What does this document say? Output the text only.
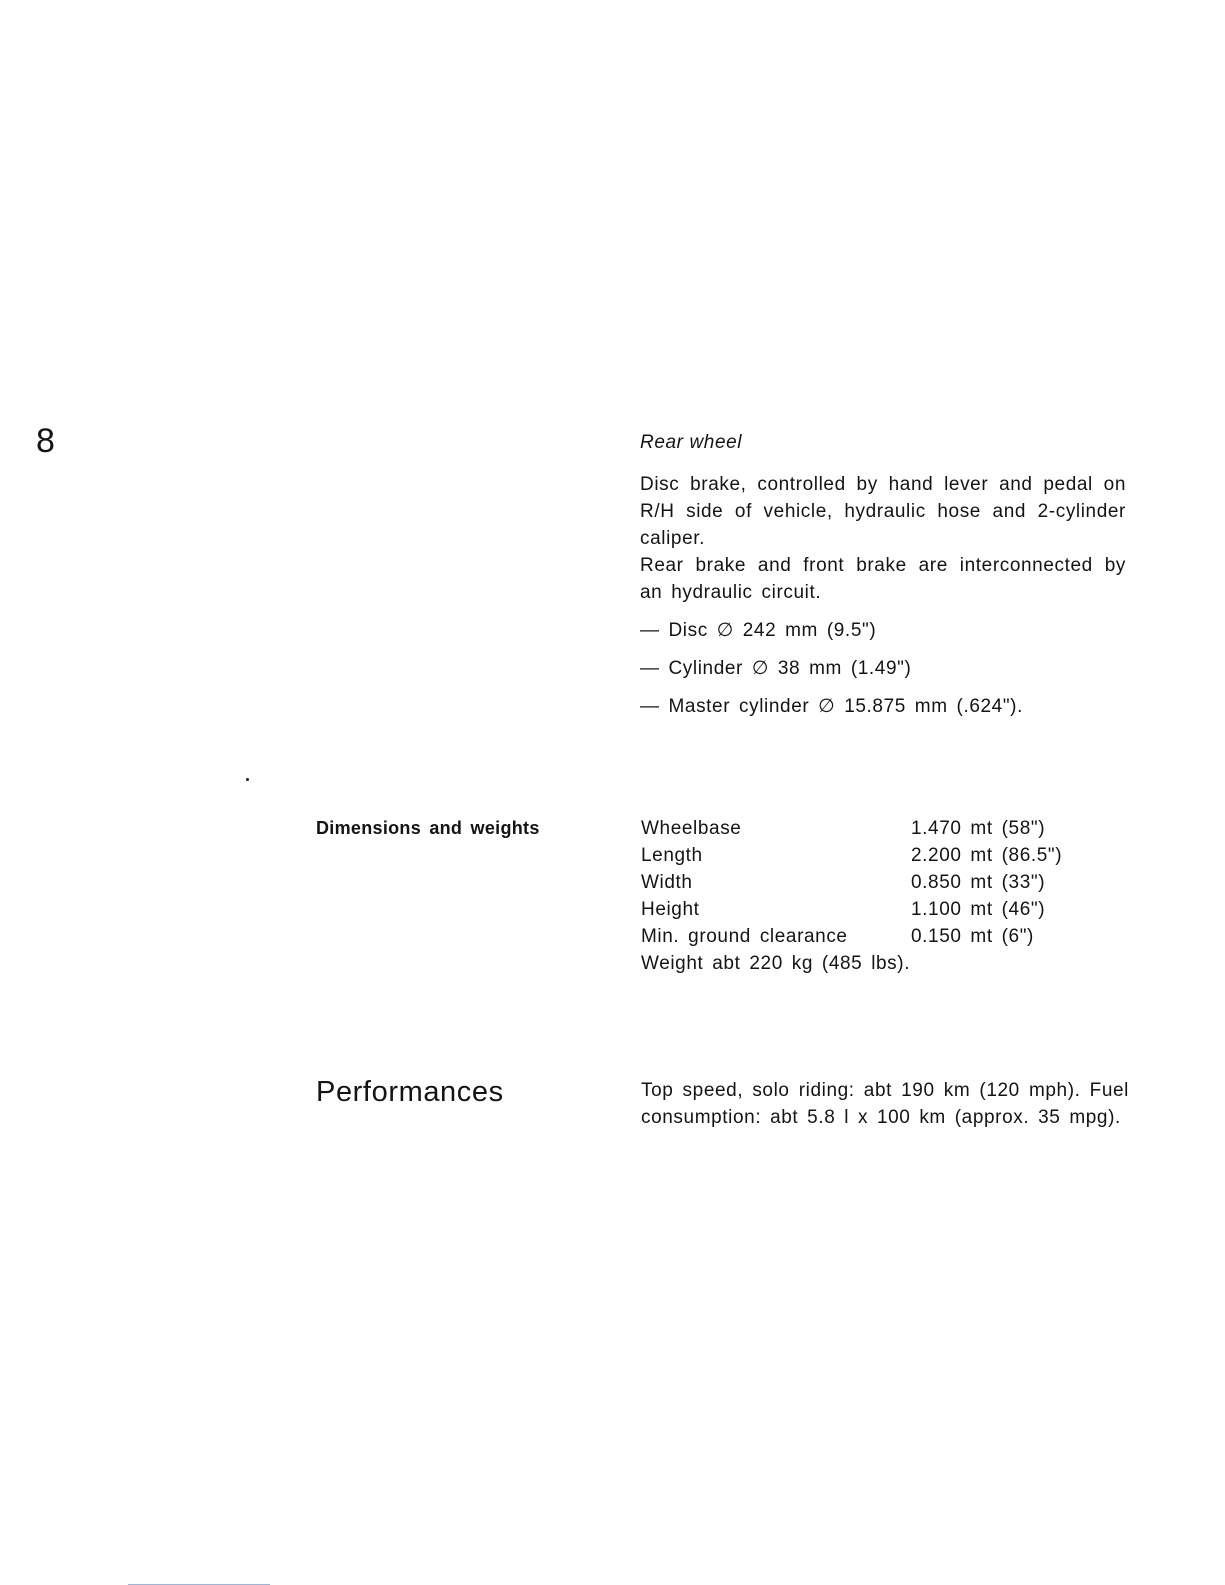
8	Rear wheel
Disc brake, controlled by hand lever and pedal on R/H side of vehicle, hydraulic hose and 2-cylinder caliper.
Rear brake and front brake are interconnected by an hydraulic circuit.
— Disc ∅ 242 mm (9.5")
— Cylinder ∅ 38 mm (1.49")
— Master cylinder ∅ 15.875 mm (.624").
Dimensions and weights	Wheelbase	1.470 mt (58")
Length	2.200 mt (86.5")
Width	0.850 mt (33")
Height	1.100 mt (46")
Min. ground clearance	0.150 mt (6")
Weight abt 220 kg (485 lbs).
Performances	Top speed, solo riding: abt 190 km (120 mph). Fuel consumption: abt 5.8 l x 100 km (approx. 35 mpg).
